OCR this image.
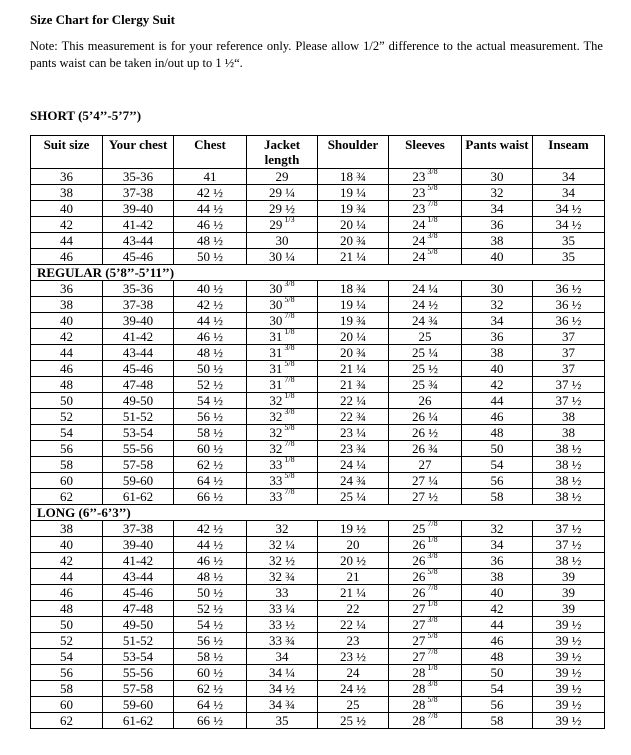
Size Chart for Clergy Suit
Note: This measurement is for your reference only. Please allow 1/2” difference to the actual measurement. The pants waist can be taken in/out up to 1 ½“.
SHORT (5’4’’-5’7’’)
Suit size	Your chest	Chest	Jacket length	Shoulder	Sleeves	Pants waist	Inseam
36	35-36	41	29	18 ¾	23 $^{3/8}$	30	34
38	37-38	42 ½	29 ¼	19 ¼	23 $^{5/8}$	32	34
40	39-40	44 ½	29 ½	19 ¾	23 $^{7/8}$	34	34 ½
42	41-42	46 ½	29 $^{1/3}$	20 ¼	24 $^{1/8}$	36	34 ½
44	43-44	48 ½	30	20 ¾	24 $^{3/8}$	38	35
46	45-46	50 ½	30 ¼	21 ¼	24 $^{5/8}$	40	35
REGULAR (5’8’’-5’11’’)							
36	35-36	40 ½	30 $^{3/8}$	18 ¾	24 ¼	30	36 ½
38	37-38	42 ½	30 $^{5/8}$	19 ¼	24 ½	32	36 ½
40	39-40	44 ½	30 $^{7/8}$	19 ¾	24 ¾	34	36 ½
42	41-42	46 ½	31 $^{1/8}$	20 ¼	25	36	37
44	43-44	48 ½	31 $^{3/8}$	20 ¾	25 ¼	38	37
46	45-46	50 ½	31 $^{5/8}$	21 ¼	25 ½	40	37
48	47-48	52 ½	31 $^{7/8}$	21 ¾	25 ¾	42	37 ½
50	49-50	54 ½	32 $^{1/8}$	22 ¼	26	44	37 ½
52	51-52	56 ½	32 $^{3/8}$	22 ¾	26 ¼	46	38
54	53-54	58 ½	32 $^{5/8}$	23 ¼	26 ½	48	38
56	55-56	60 ½	32 $^{7/8}$	23 ¾	26 ¾	50	38 ½
58	57-58	62 ½	33 $^{1/8}$	24 ¼	27	54	38 ½
60	59-60	64 ½	33 $^{5/8}$	24 ¾	27 ¼	56	38 ½
62	61-62	66 ½	33 $^{7/8}$	25 ¼	27 ½	58	38 ½
LONG (6’’-6’3’’)							
38	37-38	42 ½	32	19 ½	25 $^{7/8}$	32	37 ½
40	39-40	44 ½	32 ¼	20	26 $^{1/8}$	34	37 ½
42	41-42	46 ½	32 ½	20 ½	26 $^{3/8}$	36	38 ½
44	43-44	48 ½	32 ¾	21	26 $^{5/8}$	38	39
46	45-46	50 ½	33	21 ¼	26 $^{7/8}$	40	39
48	47-48	52 ½	33 ¼	22	27 $^{1/8}$	42	39
50	49-50	54 ½	33 ½	22 ¼	27 $^{3/8}$	44	39 ½
52	51-52	56 ½	33 ¾	23	27 $^{5/8}$	46	39 ½
54	53-54	58 ½	34	23 ½	27 $^{7/8}$	48	39 ½
56	55-56	60 ½	34 ¼	24	28 $^{1/8}$	50	39 ½
58	57-58	62 ½	34 ½	24 ½	28 $^{3/8}$	54	39 ½
60	59-60	64 ½	34 ¾	25	28 $^{5/8}$	56	39 ½
62	61-62	66 ½	35	25 ½	28 $^{7/8}$	58	39 ½
